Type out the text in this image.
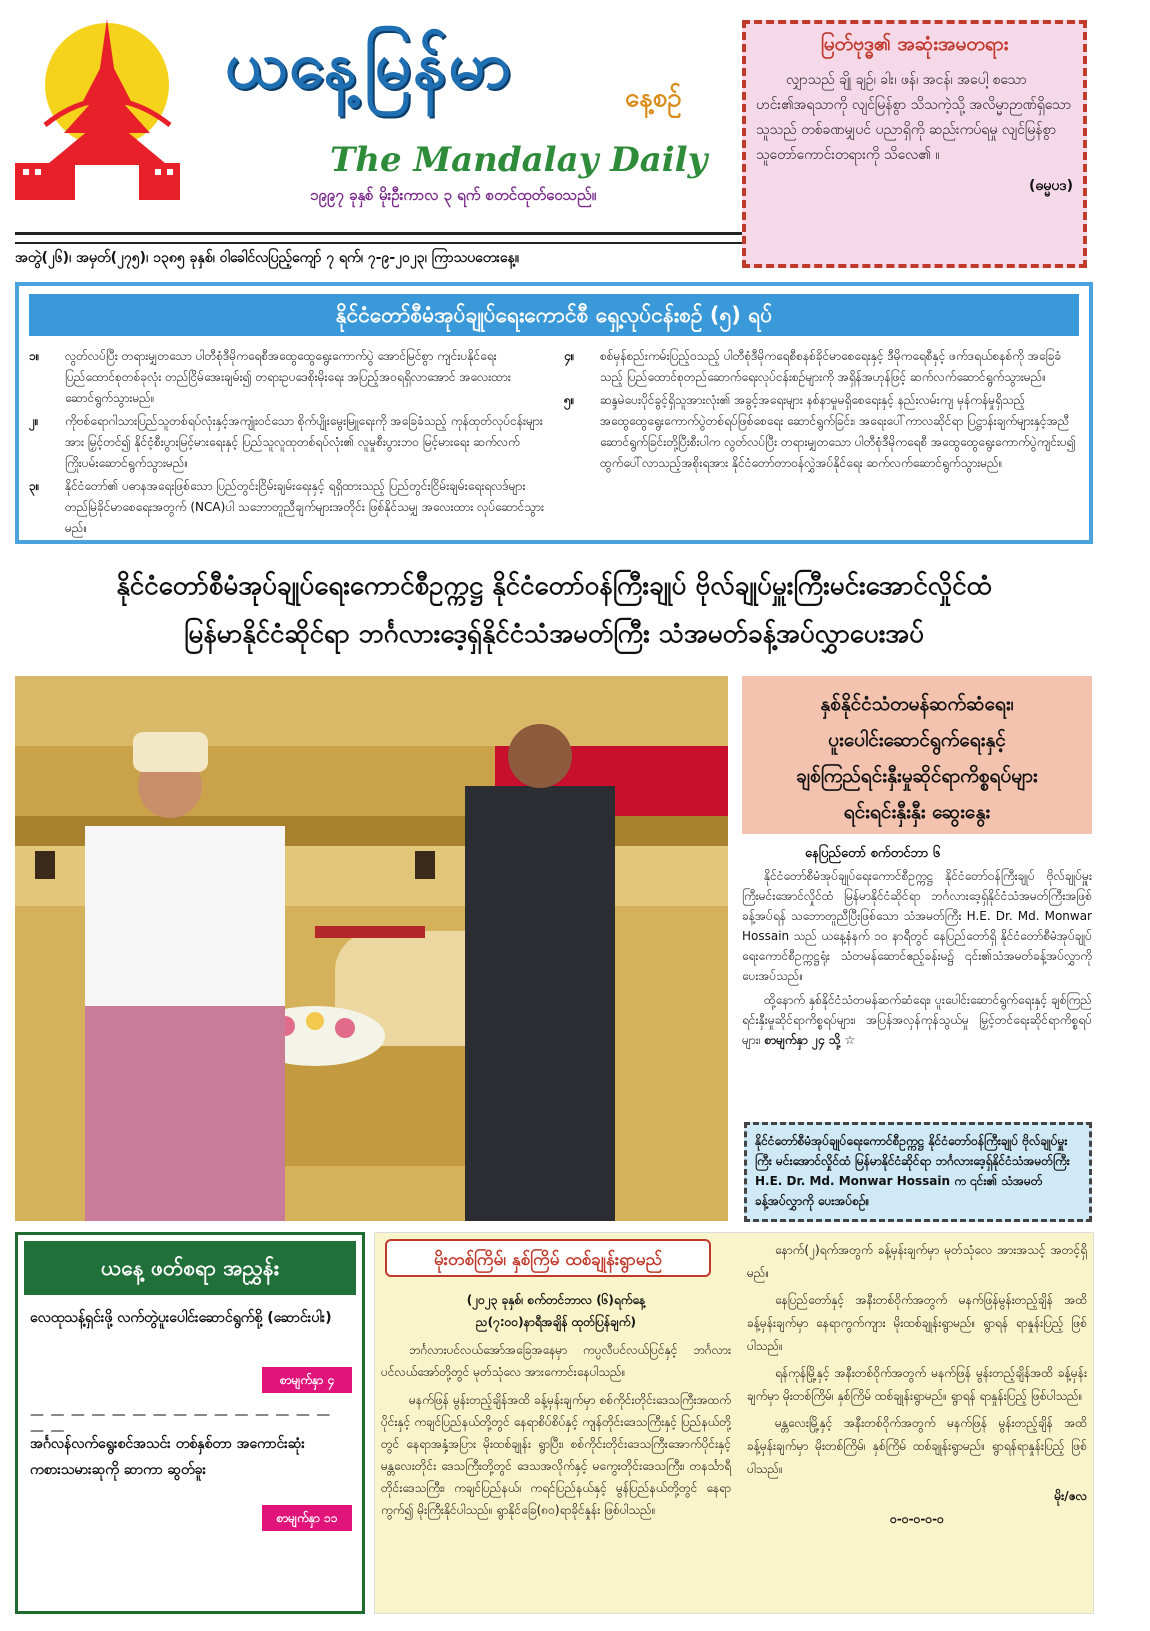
ယနေ့မြန်မာ	နေ့စဉ်
The Mandalay Daily
၁၉၉၇ ခုနှစ် မိုးဦးကာလ ၃ ရက် စတင်ထုတ်ဝေသည်။
အတွဲ(၂၆)၊ အမှတ်(၂၇၅)၊ ၁၃၈၅ ခုနှစ်၊ ဝါခေါင်လပြည့်ကျော် ၇ ရက်၊ ၇-၉-၂၀၂၃၊ ကြာသပတေးနေ့။
မြတ်ဗုဒ္ဓ၏ အဆုံးအမတရား
လျှာသည် ချို ချဉ်၊ ခါး၊ ဖန်၊ အငန်၊ အပေါ့ စသော ဟင်း၏အရသာကို လျင်မြန်စွာ သိသကဲ့သို့ အလိမ္မာဉာဏ်ရှိသောသူသည် တစ်ခဏမျှပင် ပညာရှိကို ဆည်းကပ်ရမှု လျင်မြန်စွာ သူတော်ကောင်းတရားကို သိလေ၏ ။
(ဓမ္မပဒ)
နိုင်ငံတော်စီမံအုပ်ချုပ်ရေးကောင်စီ ရှေ့လုပ်ငန်းစဉ် (၅) ရပ်
၁။	လွတ်လပ်ပြီး တရားမျှတသော ပါတီစုံဒီမိုကရေစီအထွေထွေရွေးကောက်ပွဲ အောင်မြင်စွာ ကျင်းပနိုင်ရေး ပြည်ထောင်စုတစ်ခုလုံး တည်ငြိမ်အေးချမ်း၍ တရားဥပဒေစိုးမိုးရေး အပြည့်အဝရရှိလာအောင် အလေးထားဆောင်ရွက်သွားမည်။
၂။	ကိုဗစ်ရောဂါသားပြည်သူတစ်ရပ်လုံးနှင့်အကျုံးဝင်သော စိုက်ပျိုးမွေးမြူရေးကို အခြေခံသည့် ကုန်ထုတ်လုပ်ငန်းများအား မြှင့်တင်၍ နိုင်ငံ့စီးပွားမြင့်မားရေးနှင့် ပြည်သူလူထုတစ်ရပ်လုံး၏ လူမှုစီးပွားဘဝ မြင့်မားရေး ဆက်လက်ကြိုးပမ်းဆောင်ရွက်သွားမည်။
၃။	နိုင်ငံတော်၏ ပဓာနအရေးဖြစ်သော ပြည်တွင်းငြိမ်းချမ်းရေးနှင့် ရရှိထားသည့် ပြည်တွင်းငြိမ်းချမ်းရေးရလဒ်များ တည်မြဲခိုင်မာစေရေးအတွက် (NCA)ပါ သဘောတူညီချက်များအတိုင်း ဖြစ်နိုင်သမျှ အလေးထား လုပ်ဆောင်သွားမည်။
၄။	စစ်မှန်စည်းကမ်းပြည့်ဝသည့် ပါတီစုံဒီမိုကရေစီစနစ်ခိုင်မာစေရေးနှင့် ဒီမိုကရေစီနှင့် ဖက်ဒရယ်စနစ်ကို အခြေခံသည့် ပြည်ထောင်စုတည်ဆောက်ရေးလုပ်ငန်းစဉ်များကို အရှိန်အဟုန်ဖြင့် ဆက်လက်ဆောင်ရွက်သွားမည်။
၅။	ဆန္ဒမဲပေးပိုင်ခွင့်ရှိသူအားလုံး၏ အခွင့်အရေးများ နစ်နာမှုမရှိစေရေးနှင့် နည်းလမ်းကျ မှန်ကန်မှုရှိသည့် အထွေထွေရွေးကောက်ပွဲတစ်ရပ်ဖြစ်စေရေး ဆောင်ရွက်ခြင်း၊ အရေးပေါ်ကာလဆိုင်ရာ ပြဋ္ဌာန်းချက်များနှင့်အညီ ဆောင်ရွက်ခြင်းတို့ပြီးစီးပါက လွတ်လပ်ပြီး တရားမျှတသော ပါတီစုံဒီမိုကရေစီ အထွေထွေရွေးကောက်ပွဲကျင်းပ၍ ထွက်ပေါ်လာသည့်အစိုးရအား နိုင်ငံတော်တာဝန်လွှဲအပ်နိုင်ရေး ဆက်လက်ဆောင်ရွက်သွားမည်။
နိုင်ငံတော်စီမံအုပ်ချုပ်ရေးကောင်စီဥက္ကဋ္ဌ နိုင်ငံတော်ဝန်ကြီးချုပ် ဗိုလ်ချုပ်မှူးကြီးမင်းအောင်လှိုင်ထံ
မြန်မာနိုင်ငံဆိုင်ရာ ဘင်္ဂလားဒေ့ရှ်နိုင်ငံသံအမတ်ကြီး သံအမတ်ခန့်အပ်လွှာပေးအပ်
နှစ်နိုင်ငံသံတမန်ဆက်ဆံရေး၊
ပူးပေါင်းဆောင်ရွက်ရေးနှင့်
ချစ်ကြည်ရင်းနှီးမှုဆိုင်ရာကိစ္စရပ်များ
ရင်းရင်းနှီးနှီး ဆွေးနွေး
နေပြည်တော် စက်တင်ဘာ ၆

နိုင်ငံတော်စီမံအုပ်ချုပ်ရေးကောင်စီဥက္ကဋ္ဌ နိုင်ငံတော်ဝန်ကြီးချုပ် ဗိုလ်ချုပ်မှူးကြီးမင်းအောင်လှိုင်ထံ မြန်မာနိုင်ငံဆိုင်ရာ ဘင်္ဂလားဒေ့ရှ်နိုင်ငံသံအမတ်ကြီးအဖြစ် ခန့်အပ်ရန် သဘောတူညီပြီးဖြစ်သော သံအမတ်ကြီး H.E. Dr. Md. Monwar Hossain သည် ယနေ့နံနက် ၁၀ နာရီတွင် နေပြည်တော်ရှိ နိုင်ငံတော်စီမံအုပ်ချုပ်ရေးကောင်စီဥက္ကဋ္ဌရုံး သံတမန်ဆောင်ဧည့်ခန်းမ၌ ၎င်း၏သံအမတ်ခန့်အပ်လွှာကို ပေးအပ်သည်။

ထို့နောက် နှစ်နိုင်ငံသံတမန်ဆက်ဆံရေး၊ ပူးပေါင်းဆောင်ရွက်ရေးနှင့် ချစ်ကြည်ရင်းနှီးမှုဆိုင်ရာကိစ္စရပ်များ၊ အပြန်အလှန်ကုန်သွယ်မှု မြှင့်တင်ရေးဆိုင်ရာကိစ္စရပ်များ၊ စာမျက်နှာ ၂၄ သို့ ☆

နိုင်ငံတော်စီမံအုပ်ချုပ်ရေးကောင်စီဥက္ကဋ္ဌ နိုင်ငံတော်ဝန်ကြီးချုပ် ဗိုလ်ချုပ်မှူးကြီး မင်းအောင်လှိုင်ထံ မြန်မာနိုင်ငံဆိုင်ရာ ဘင်္ဂလားဒေ့ရှ်နိုင်ငံသံအမတ်ကြီး H.E. Dr. Md. Monwar Hossain က ၎င်း၏ သံအမတ်ခန့်အပ်လွှာကို ပေးအပ်စဉ်။
ယနေ့ ဖတ်စရာ အညွှန်း
လေထုသန့်ရှင်းဖို့ လက်တွဲပူးပေါင်းဆောင်ရွက်စို့ (ဆောင်းပါး)
စာမျက်နှာ ၄
— — — — — — — — — — — — — — — — —
အင်္ဂလန်လက်ရွေးစင်အသင်း တစ်နှစ်တာ အကောင်းဆုံးကစားသမားဆုကို ဆာကာ ဆွတ်ခူး
စာမျက်နှာ ၁၁
မိုးတစ်ကြိမ်၊ နှစ်ကြိမ် ထစ်ချုန်းရွာမည်
(၂၀၂၃ ခုနှစ်၊ စက်တင်ဘာလ (၆)ရက်နေ့
ည(၇:၀၀)နာရီအချိန် ထုတ်ပြန်ချက်)
ဘင်္ဂလားပင်လယ်အော်အခြေအနေမှာ ကပ္ပလီပင်လယ်ပြင်နှင့် ဘင်္ဂလားပင်လယ်အော်တို့တွင် မုတ်သုံလေ အားကောင်းနေပါသည်။
မနက်ဖြန် မွန်းတည့်ချိန်အထိ ခန့်မှန်းချက်မှာ စစ်ကိုင်းတိုင်းဒေသကြီးအထက်ပိုင်းနှင့် ကချင်ပြည်နယ်တို့တွင် နေရာစိပ်စိပ်နှင့် ကျန်တိုင်းဒေသကြီးနှင့် ပြည်နယ်တို့တွင် နေရာအနှံ့အပြား မိုးထစ်ချုန်း ရွာပြီး၊ စစ်ကိုင်းတိုင်းဒေသကြီးအောက်ပိုင်းနှင့် မန္တလေးတိုင်း ဒေသကြီးတို့တွင် ဒေသအလိုက်နှင့် မကွေးတိုင်းဒေသကြီး၊ တနင်္သာရီ တိုင်းဒေသကြီး၊ ကချင်ပြည်နယ်၊ ကရင်ပြည်နယ်နှင့် မွန်ပြည်နယ်တို့တွင် နေရာကွက်၍ မိုးကြီးနိုင်ပါသည်။ ရွာနိုင်ခြေ(၈၀)ရာခိုင်နှုန်း ဖြစ်ပါသည်။

နောက်(၂)ရက်အတွက် ခန့်မှန်းချက်မှာ မုတ်သုံလေ အားအသင့် အတင့်ရှိမည်။

နေပြည်တော်နှင့် အနီးတစ်ဝိုက်အတွက် မနက်ဖြန်မွန်းတည့်ချိန် အထိ ခန့်မှန်းချက်မှာ နေရာကွက်ကျား မိုးထစ်ချုန်းရွာမည်။ ရွာရန် ရာနှုန်းပြည့် ဖြစ်ပါသည်။

ရန်ကုန်မြို့နှင့် အနီးတစ်ဝိုက်အတွက် မနက်ဖြန် မွန်းတည့်ချိန်အထိ ခန့်မှန်းချက်မှာ မိုးတစ်ကြိမ်၊ နှစ်ကြိမ် ထစ်ချုန်းရွာမည်။ ရွာရန် ရာနှုန်းပြည့် ဖြစ်ပါသည်။

မန္တလေးမြို့နှင့် အနီးတစ်ဝိုက်အတွက် မနက်ဖြန် မွန်းတည့်ချိန် အထိ ခန့်မှန်းချက်မှာ မိုးတစ်ကြိမ်၊ နှစ်ကြိမ် ထစ်ချုန်းရွာမည်။ ရွာရန်ရာနှုန်းပြည့် ဖြစ်ပါသည်။

မိုး/ဇလ
၀-၀-၀-၀-၀
